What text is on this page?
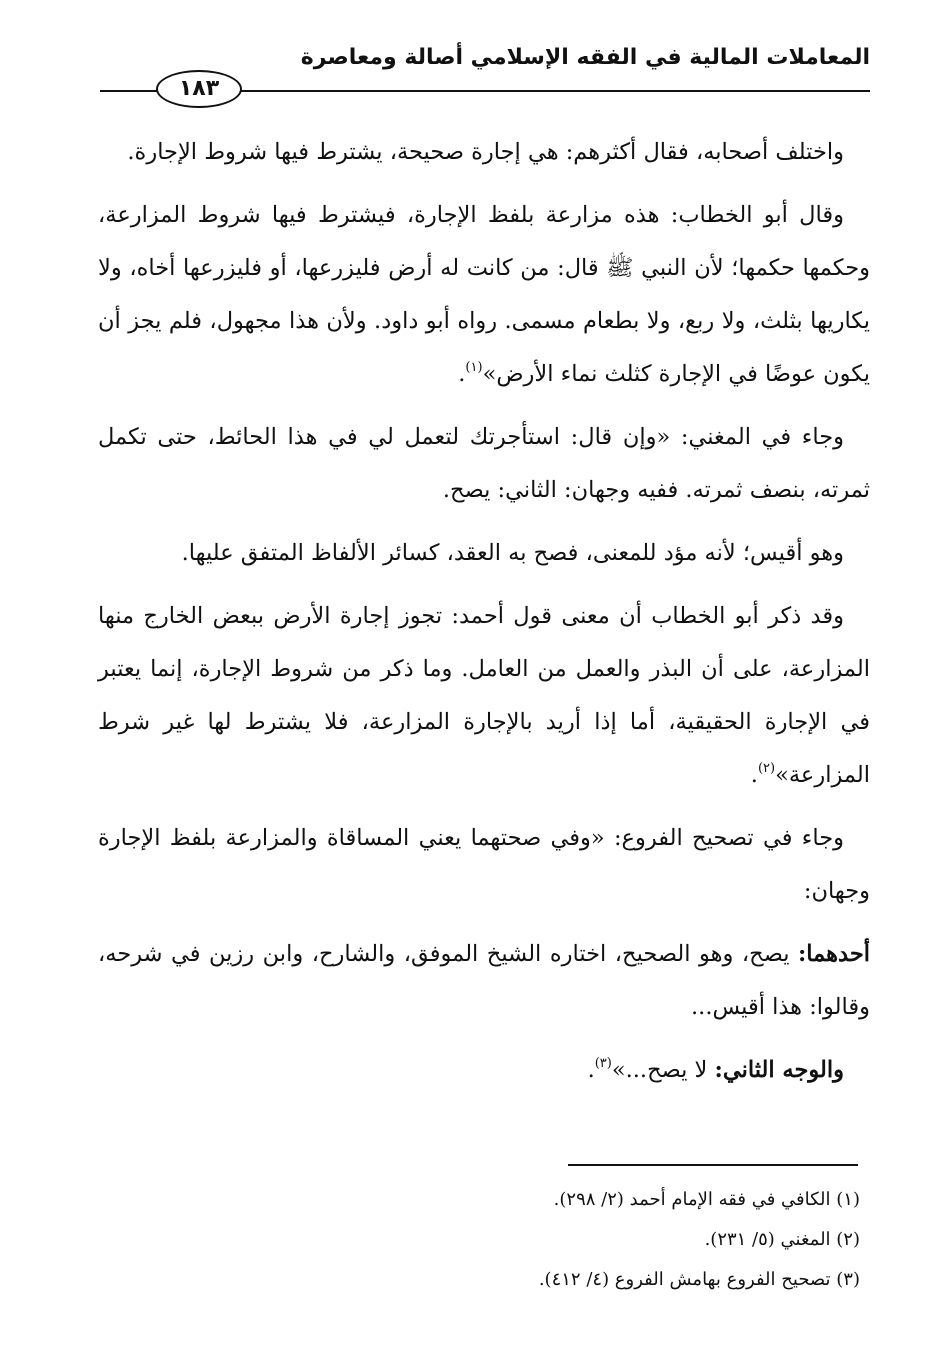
المعاملات المالية في الفقه الإسلامي أصالة ومعاصرة
١٨٣

واختلف أصحابه، فقال أكثرهم: هي إجارة صحيحة، يشترط فيها شروط الإجارة.

وقال أبو الخطاب: هذه مزارعة بلفظ الإجارة، فيشترط فيها شروط المزارعة، وحكمها حكمها؛ لأن النبي ﷺ قال: من كانت له أرض فليزرعها، أو فليزرعها أخاه، ولا يكاريها بثلث، ولا ربع، ولا بطعام مسمى. رواه أبو داود. ولأن هذا مجهول، فلم يجز أن يكون عوضًا في الإجارة كثلث نماء الأرض»$^{(١)}$.

وجاء في المغني: «وإن قال: استأجرتك لتعمل لي في هذا الحائط، حتى تكمل ثمرته، بنصف ثمرته. ففيه وجهان: الثاني: يصح.

وهو أقيس؛ لأنه مؤد للمعنى، فصح به العقد، كسائر الألفاظ المتفق عليها.

وقد ذكر أبو الخطاب أن معنى قول أحمد: تجوز إجارة الأرض ببعض الخارج منها المزارعة، على أن البذر والعمل من العامل. وما ذكر من شروط الإجارة، إنما يعتبر في الإجارة الحقيقية، أما إذا أريد بالإجارة المزارعة، فلا يشترط لها غير شرط المزارعة»$^{(٢)}$.

وجاء في تصحيح الفروع: «وفي صحتهما يعني المساقاة والمزارعة بلفظ الإجارة وجهان:

أحدهما: يصح، وهو الصحيح، اختاره الشيخ الموفق، والشارح، وابن رزين في شرحه، وقالوا: هذا أقيس...

والوجه الثاني: لا يصح...»$^{(٣)}$.

(١) الكافي في فقه الإمام أحمد (٢/ ٢٩٨).
(٢) المغني (٥/ ٢٣١).
(٣) تصحيح الفروع بهامش الفروع (٤/ ٤١٢).
